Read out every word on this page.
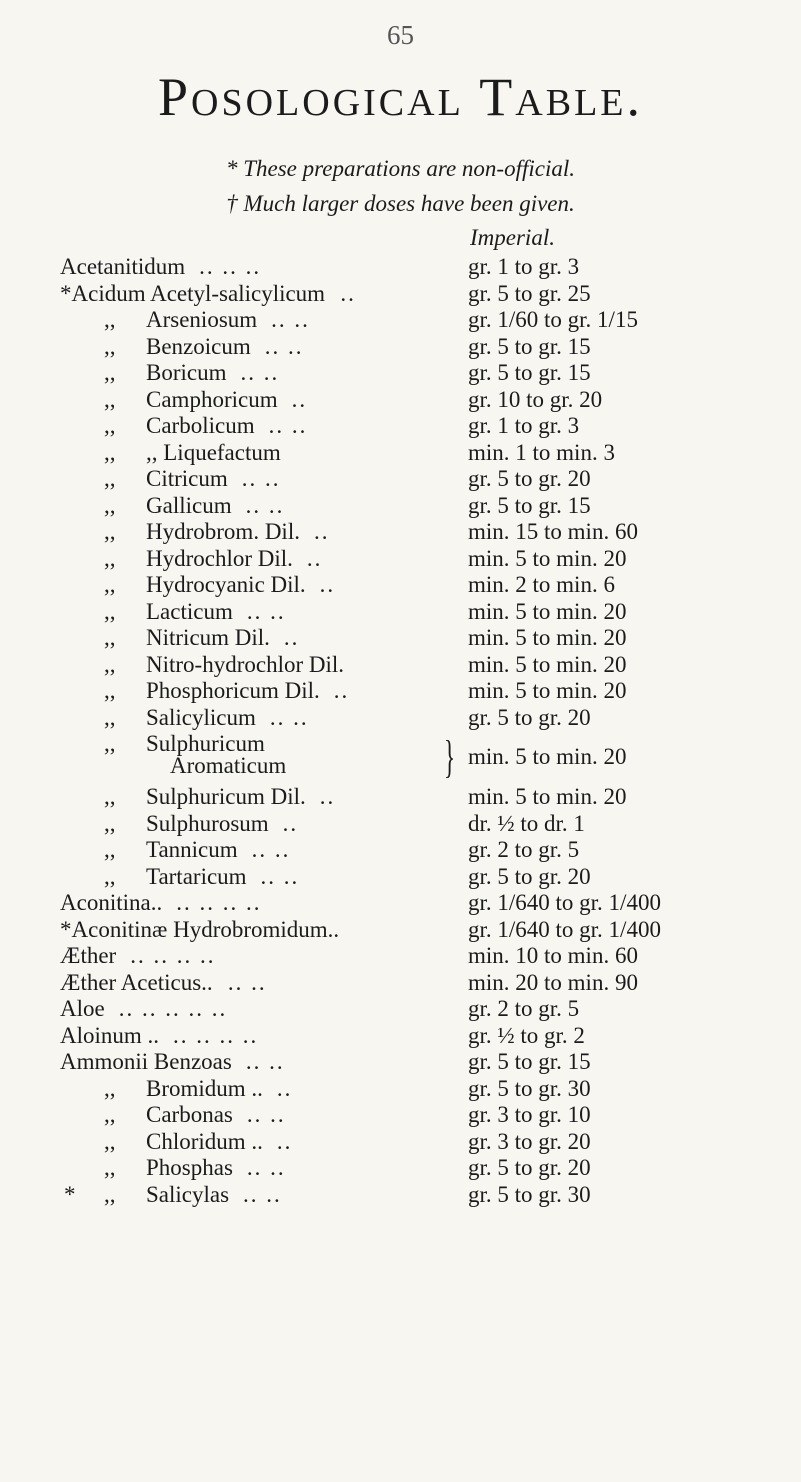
65
Posological Table.
* These preparations are non-official.
† Much larger doses have been given.
Imperial.
Acetanitidum .. .. ..	gr. 1 to gr. 3
*Acidum Acetyl-salicylicum ..	gr. 5 to gr. 25
,, Arseniosum .. ..	gr. 1/60 to gr. 1/15
,, Benzoicum .. ..	gr. 5 to gr. 15
,, Boricum .. ..	gr. 5 to gr. 15
,, Camphoricum ..	gr. 10 to gr. 20
,, Carbolicum .. ..	gr. 1 to gr. 3
,, ,, Liquefactum	min. 1 to min. 3
,, Citricum .. ..	gr. 5 to gr. 20
,, Gallicum .. ..	gr. 5 to gr. 15
,, Hydrobrom. Dil. ..	min. 15 to min. 60
,, Hydrochlor Dil. ..	min. 5 to min. 20
,, Hydrocyanic Dil. ..	min. 2 to min. 6
,, Lacticum .. ..	min. 5 to min. 20
,, Nitricum Dil. ..	min. 5 to min. 20
,, Nitro-hydrochlor Dil.	min. 5 to min. 20
,, Phosphoricum Dil. ..	min. 5 to min. 20
,, Salicylicum .. ..	gr. 5 to gr. 20
,, Sulphuricum
Aromaticum	} min. 5 to min. 20
,, Sulphuricum Dil. ..	min. 5 to min. 20
,, Sulphurosum ..	dr. ½ to dr. 1
,, Tannicum .. ..	gr. 2 to gr. 5
,, Tartaricum .. ..	gr. 5 to gr. 20
Aconitina.. .. .. .. ..	gr. 1/640 to gr. 1/400
*Aconitinæ Hydrobromidum..	gr. 1/640 to gr. 1/400
Æther .. .. .. ..	min. 10 to min. 60
Æther Aceticus.. .. ..	min. 20 to min. 90
Aloe .. .. .. .. ..	gr. 2 to gr. 5
Aloinum .. .. .. .. ..	gr. ½ to gr. 2
Ammonii Benzoas .. ..	gr. 5 to gr. 15
,, Bromidum .. ..	gr. 5 to gr. 30
,, Carbonas .. ..	gr. 3 to gr. 10
,, Chloridum .. ..	gr. 3 to gr. 20
,, Phosphas .. ..	gr. 5 to gr. 20
* ,, Salicylas .. ..	gr. 5 to gr. 30
